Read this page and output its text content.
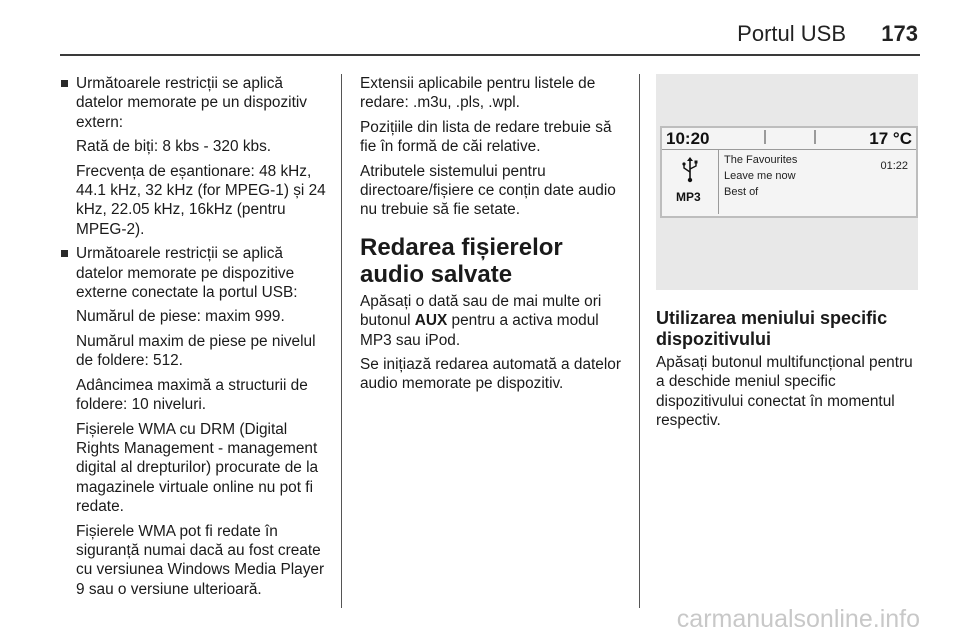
Portul USB 173
Următoarele restricții se aplică datelor memorate pe un dispozitiv extern:
Rată de biți: 8 kbs - 320 kbs.
Frecvența de eșantionare: 48 kHz, 44.1 kHz, 32 kHz (for MPEG-1) și 24 kHz, 22.05 kHz, 16kHz (pentru MPEG-2).
Următoarele restricții se aplică datelor memorate pe dispozitive externe conectate la portul USB:
Numărul de piese: maxim 999.
Numărul maxim de piese pe nivelul de foldere: 512.
Adâncimea maximă a structurii de foldere: 10 niveluri.
Fișierele WMA cu DRM (Digital Rights Management - management digital al drepturilor) procurate de la magazinele virtuale online nu pot fi redate.
Fișierele WMA pot fi redate în siguranță numai dacă au fost create cu versiunea Windows Media Player 9 sau o versiune ulterioară.
Extensii aplicabile pentru listele de redare: .m3u, .pls, .wpl.
Pozițiile din lista de redare trebuie să fie în formă de căi relative.
Atributele sistemului pentru directoare/fișiere ce conțin date audio nu trebuie să fie setate.
Redarea fișierelor audio salvate
Apăsați o dată sau de mai multe ori butonul AUX pentru a activa modul MP3 sau iPod.
Se inițiază redarea automată a datelor audio memorate pe dispozitiv.
10:20	17 °C
MP3
The Favourites
Leave me now
Best of
01:22
Utilizarea meniului specific dispozitivului
Apăsați butonul multifuncțional pentru a deschide meniul specific dispozitivului conectat în momentul respectiv.
carmanualsonline.info
